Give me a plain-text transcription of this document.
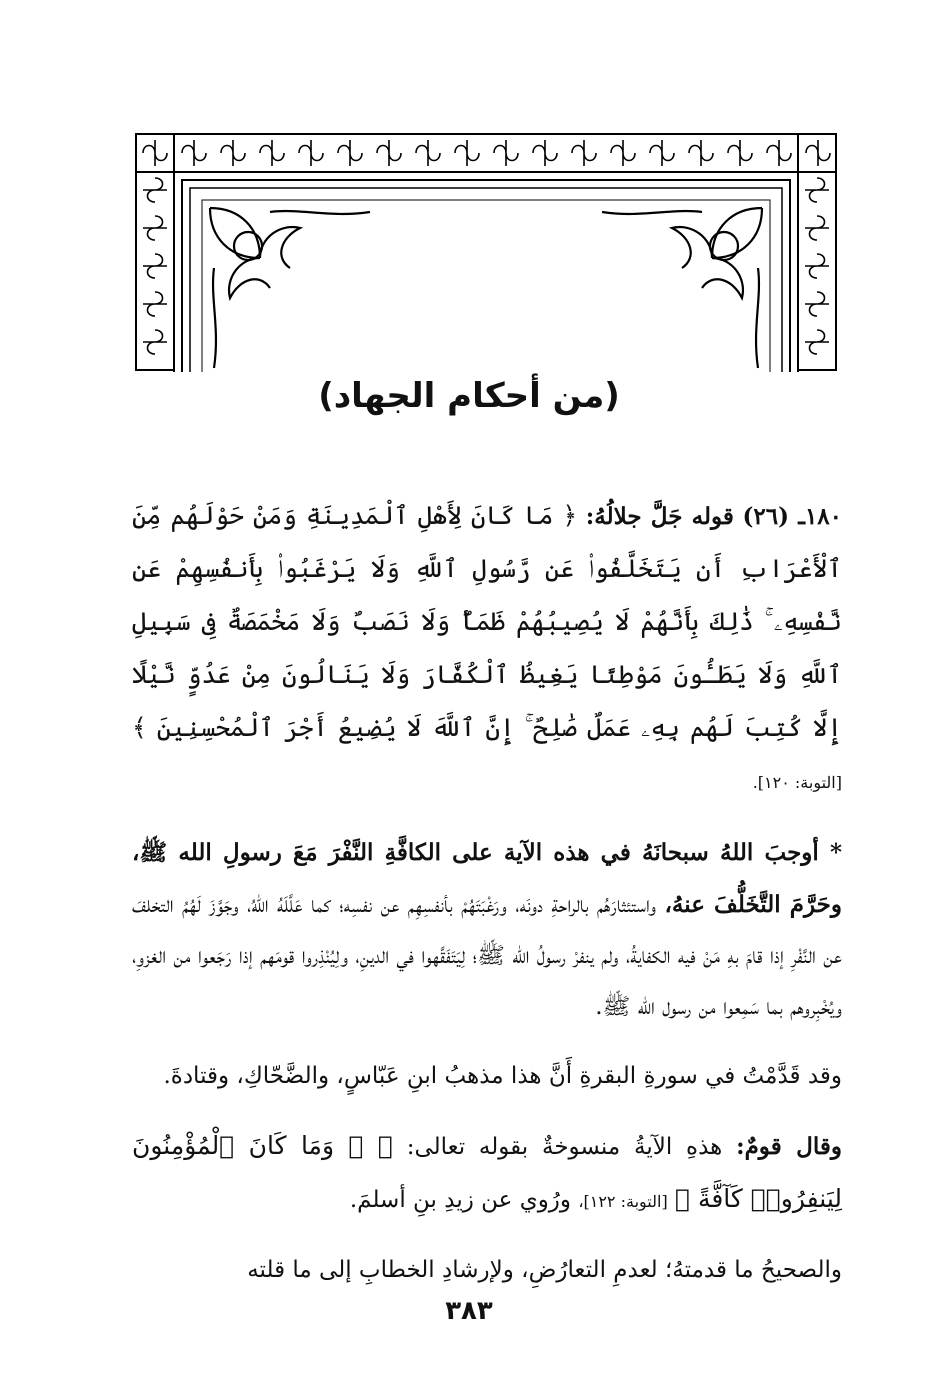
(من أحكام الجهاد)

١٨٠ـ (٢٦) قوله جَلَّ جلالُهُ: ﴿ مَا كَانَ لِأَهْلِ ٱلْمَدِينَةِ وَمَنْ حَوْلَهُم مِّنَ ٱلْأَعْرَابِ أَن يَتَخَلَّفُوا۟ عَن رَّسُولِ ٱللَّهِ وَلَا يَرْغَبُوا۟ بِأَنفُسِهِمْ عَن نَّفْسِهِۦ ۚ ذَٰلِكَ بِأَنَّهُمْ لَا يُصِيبُهُمْ ظَمَأٌ وَلَا نَصَبٌ وَلَا مَخْمَصَةٌ فِى سَبِيلِ ٱللَّهِ وَلَا يَطَـُٔونَ مَوْطِئًا يَغِيظُ ٱلْكُفَّارَ وَلَا يَنَالُونَ مِنْ عَدُوٍّ نَّيْلًا إِلَّا كُتِبَ لَهُم بِهِۦ عَمَلٌ صَٰلِحٌ ۚ إِنَّ ٱللَّهَ لَا يُضِيعُ أَجْرَ ٱلْمُحْسِنِينَ ﴾ [التوبة: ١٢٠].

* أوجبَ اللهُ سبحانَهُ في هذه الآية على الكافَّةِ النَّفْرَ مَعَ رسولِ الله ﷺ، وحَرَّمَ التَّخَلُّفَ عنهُ، واستئثارَهُم بالراحةِ دونَه، ورَغْبَتَهُمْ بأنفسِهِم عن نفسِه؛ كما عَلَّلَهُ اللهُ، وجَوَّزَ لَهُمُ التخلفَ عن النَّفْرِ إذا قامَ بهِ مَنْ فيه الكفايةُ، ولم ينفرْ رسولُ الله ﷺ؛ لِيَتَفَقَّهوا في الدينِ، ولِيُنْذِروا قومَهم إذا رَجَعوا من الغزوِ، ويُخْبِروهم بما سَمِعوا من رسول الله ﷺ.

وقد قَدَّمْتُ في سورةِ البقرةِ أَنَّ هذا مذهبُ ابنِ عَبّاسٍ، والضَّحّاكِ، وقتادةَ.

وقال قومٌ: هذهِ الآيةُ منسوخةٌ بقوله تعالى: ﴿ ۞ وَمَا كَانَ ٱلْمُؤْمِنُونَ لِيَنفِرُوا۟ كَآفَّةً ﴾ [التوبة: ١٢٢]، ورُوي عن زيدِ بنِ أسلمَ.

والصحيحُ ما قدمتهُ؛ لعدمِ التعارُضِ، ولإرشادِ الخطابِ إلى ما قلته

٣٨٣
